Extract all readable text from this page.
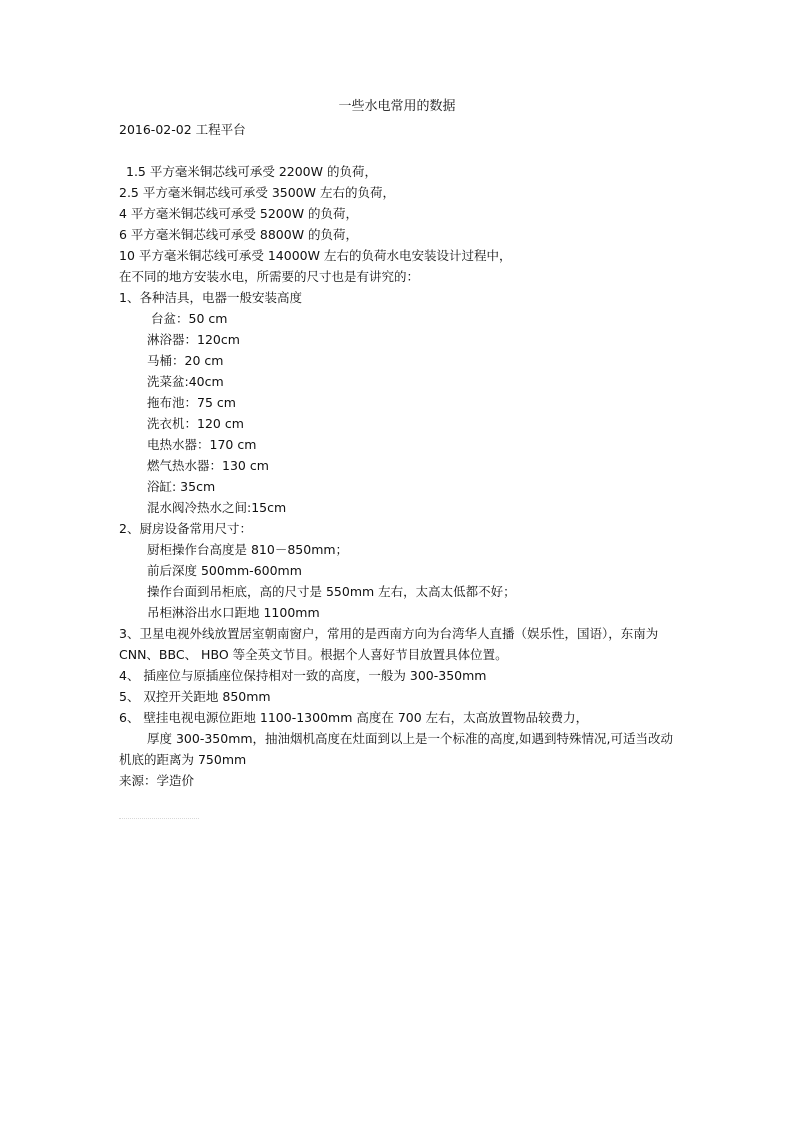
一些水电常用的数据
2016-02-02 工程平台
1.5 平方毫米铜芯线可承受 2200W 的负荷，
2.5 平方毫米铜芯线可承受 3500W 左右的负荷，
4 平方毫米铜芯线可承受 5200W 的负荷，
6 平方毫米铜芯线可承受 8800W 的负荷，
10 平方毫米铜芯线可承受 14000W 左右的负荷水电安装设计过程中，
在不同的地方安装水电，所需要的尺寸也是有讲究的：
1、各种洁具，电器一般安装高度
台盆：50 cm
淋浴器：120cm
马桶：20 cm
洗菜盆:40cm
拖布池：75 cm
洗衣机：120 cm
电热水器：170 cm
燃气热水器：130 cm
浴缸: 35cm
混水阀冷热水之间:15cm
2、厨房设备常用尺寸：
厨柜操作台高度是 810－850mm；
前后深度 500mm-600mm
操作台面到吊柜底，高的尺寸是 550mm 左右，太高太低都不好；
吊柜淋浴出水口距地 1100mm
3、卫星电视外线放置居室朝南窗户，常用的是西南方向为台湾华人直播（娱乐性，国语），东南为 CNN、BBC、 HBO 等全英文节目。根据个人喜好节目放置具体位置。
4、 插座位与原插座位保持相对一致的高度，一般为 300-350mm
5、 双控开关距地 850mm
6、 壁挂电视电源位距地 1100-1300mm 高度在 700 左右，太高放置物品较费力，
厚度 300-350mm，抽油烟机高度在灶面到以上是一个标准的高度,如遇到特殊情况,可适当改动 机底的距离为 750mm
来源：学造价
